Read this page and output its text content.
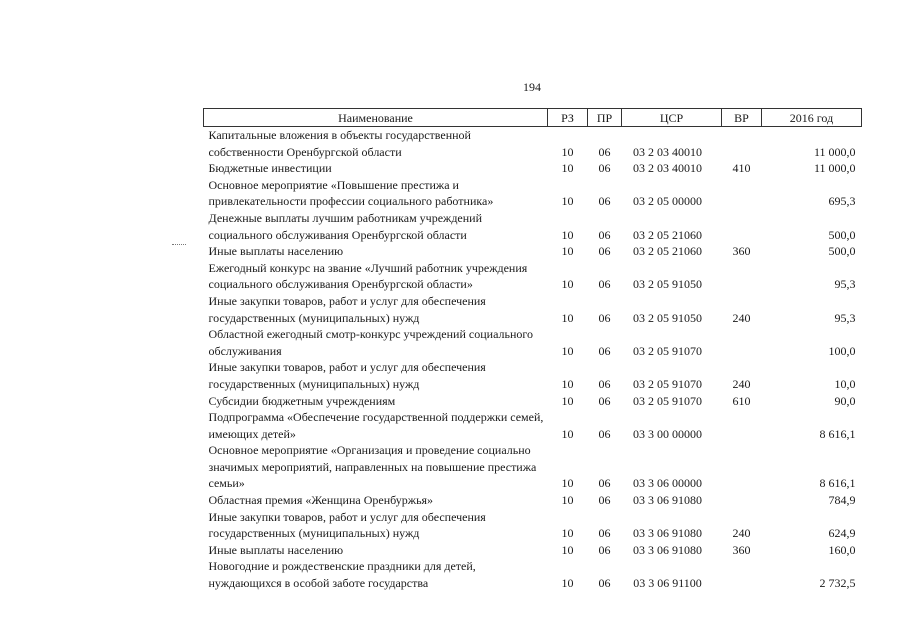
194
Наименование	РЗ	ПР	ЦСР	ВР	2016 год
Капитальные вложения в объекты государственной собственности Оренбургской области	10	06	03 2 03 40010		11 000,0
Бюджетные инвестиции	10	06	03 2 03 40010	410	11 000,0
Основное мероприятие «Повышение престижа и привлекательности профессии социального работника»	10	06	03 2 05 00000		695,3
Денежные выплаты лучшим работникам учреждений социального обслуживания Оренбургской области	10	06	03 2 05 21060		500,0
Иные выплаты населению	10	06	03 2 05 21060	360	500,0
Ежегодный конкурс на звание «Лучший работник учреждения социального обслуживания Оренбургской области»	10	06	03 2 05 91050		95,3
Иные закупки товаров, работ и услуг для обеспечения государственных (муниципальных) нужд	10	06	03 2 05 91050	240	95,3
Областной ежегодный смотр-конкурс учреждений социального обслуживания	10	06	03 2 05 91070		100,0
Иные закупки товаров, работ и услуг для обеспечения государственных (муниципальных) нужд	10	06	03 2 05 91070	240	10,0
Субсидии бюджетным учреждениям	10	06	03 2 05 91070	610	90,0
Подпрограмма «Обеспечение государственной поддержки семей, имеющих детей»	10	06	03 3 00 00000		8 616,1
Основное мероприятие «Организация и проведение социально значимых мероприятий, направленных на повышение престижа семьи»	10	06	03 3 06 00000		8 616,1
Областная премия «Женщина Оренбуржья»	10	06	03 3 06 91080		784,9
Иные закупки товаров, работ и услуг для обеспечения государственных (муниципальных) нужд	10	06	03 3 06 91080	240	624,9
Иные выплаты населению	10	06	03 3 06 91080	360	160,0
Новогодние и рождественские праздники для детей, нуждающихся в особой заботе государства	10	06	03 3 06 91100		2 732,5
